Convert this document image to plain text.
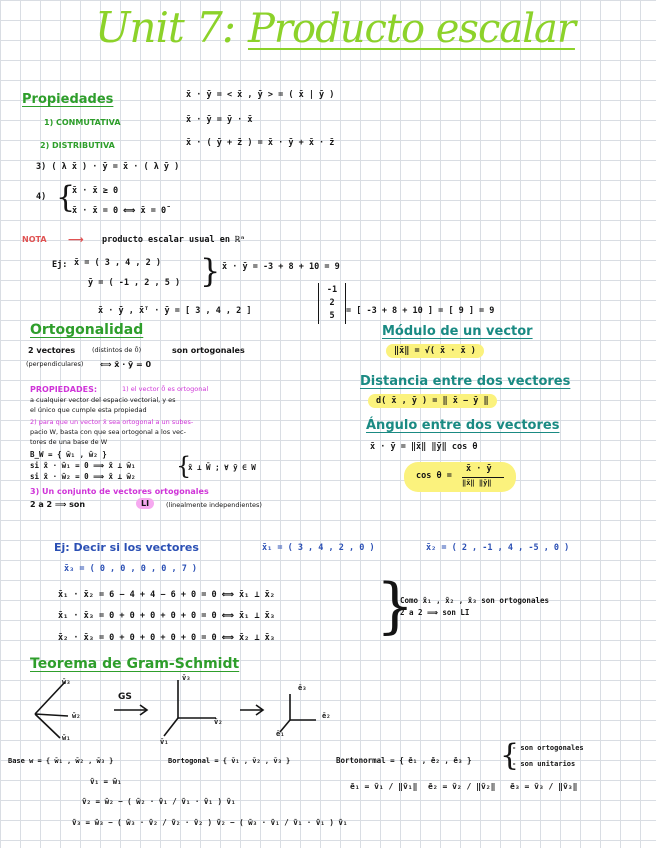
Unit 7: Producto escalar
Propiedades	x̄ · ȳ = < x̄ , ȳ > = ( x̄ | ȳ )
1) CONMUTATIVA	x̄ · ȳ = ȳ · x̄
2) DISTRIBUTIVA	x̄ · ( ȳ + z̄ ) = x̄ · ȳ + x̄ · z̄
3) ( λ x̄ ) · ȳ = x̄ · ( λ ȳ )
4) {
x̄ · x̄ ≥ 0
x̄ · x̄ = 0 ⟺ x̄ = 0̄
NOTA ⟶ producto escalar usual en ℝⁿ
Ej: x̄ = ( 3 , 4 , 2 )
ȳ = ( -1 , 2 , 5 ) } x̄ · ȳ = -3 + 8 + 10 = 9
x̄ · ȳ , x̄ᵀ · ȳ = [ 3 , 4 , 2 ]
-1
2
5	= [ -3 + 8 + 10 ] = [ 9 ] = 9
Ortogonalidad
2 vectores	(distintos de 0̄)	son ortogonales
(perpendiculares) ⟺ x̄ · ȳ = 0
PROPIEDADES:	1) el vector 0̄ es ortogonal
a cualquier vector del espacio vectorial, y es
el único que cumple esta propiedad
2) para que un vector x̄ sea ortogonal a un subes-
pacio W, basta con que sea ortogonal a los vec-
tores de una base de W
B_W = { w̄₁ , w̄₂ }
si x̄ · w̄₁ = 0 ⟹ x̄ ⊥ w̄₁
si x̄ · w̄₂ = 0 ⟹ x̄ ⊥ w̄₂ {
x̄ ⊥ W̄ ; ∀ ȳ ∈ W
3) Un conjunto de vectores ortogonales
2 a 2 ⟹ son	LI	(linealmente independientes)
Módulo de un vector
‖x̄‖ = √( x̄ · x̄ )
Distancia entre dos vectores
d( x̄ , ȳ ) = ‖ x̄ − ȳ ‖
Ángulo entre dos vectores
x̄ · ȳ = ‖x̄‖ ‖ȳ‖ cos θ
cos θ =
x̄ · ȳ
‖x̄‖ ‖ȳ‖
Ej: Decir si los vectores	x̄₁ = ( 3 , 4 , 2 , 0 )	x̄₂ = ( 2 , -1 , 4 , -5 , 0 )
x̄₃ = ( 0 , 0 , 0 , 0 , 7 )
x̄₁ · x̄₂ = 6 − 4 + 4 − 6 + 0 = 0 ⟺ x̄₁ ⊥ x̄₂
x̄₁ · x̄₃ = 0 + 0 + 0 + 0 + 0 = 0 ⟺ x̄₁ ⊥ x̄₃
x̄₂ · x̄₃ = 0 + 0 + 0 + 0 + 0 = 0 ⟺ x̄₂ ⊥ x̄₃ }
Como x̄₁ , x̄₂ , x̄₃ son ortogonales
2 a 2 ⟹ son LI
Teorema de Gram-Schmidt
w̄₃
w̄₂
w̄₁
GS
v̄₃
v̄₂
v̄₁
ē₃
ē₂
ē₁
Base w = { w̄₁ , w̄₂ , w̄₃ }	Bortogonal = { v̄₁ , v̄₂ , v̄₃ }	Bortonormal = { ē₁ , ē₂ , ē₃ } {
- son ortogonales
- son unitarios
v̄₁ = w̄₁
v̄₂ = w̄₂ − ( w̄₂ · v̄₁ / v̄₁ · v̄₁ ) v̄₁
v̄₃ = w̄₃ − ( w̄₃ · v̄₂ / v̄₂ · v̄₂ ) v̄₂ − ( w̄₃ · v̄₁ / v̄₁ · v̄₁ ) v̄₁
ē₁ = v̄₁ / ‖v̄₁‖ ē₂ = v̄₂ / ‖v̄₂‖ ē₃ = v̄₃ / ‖v̄₃‖
